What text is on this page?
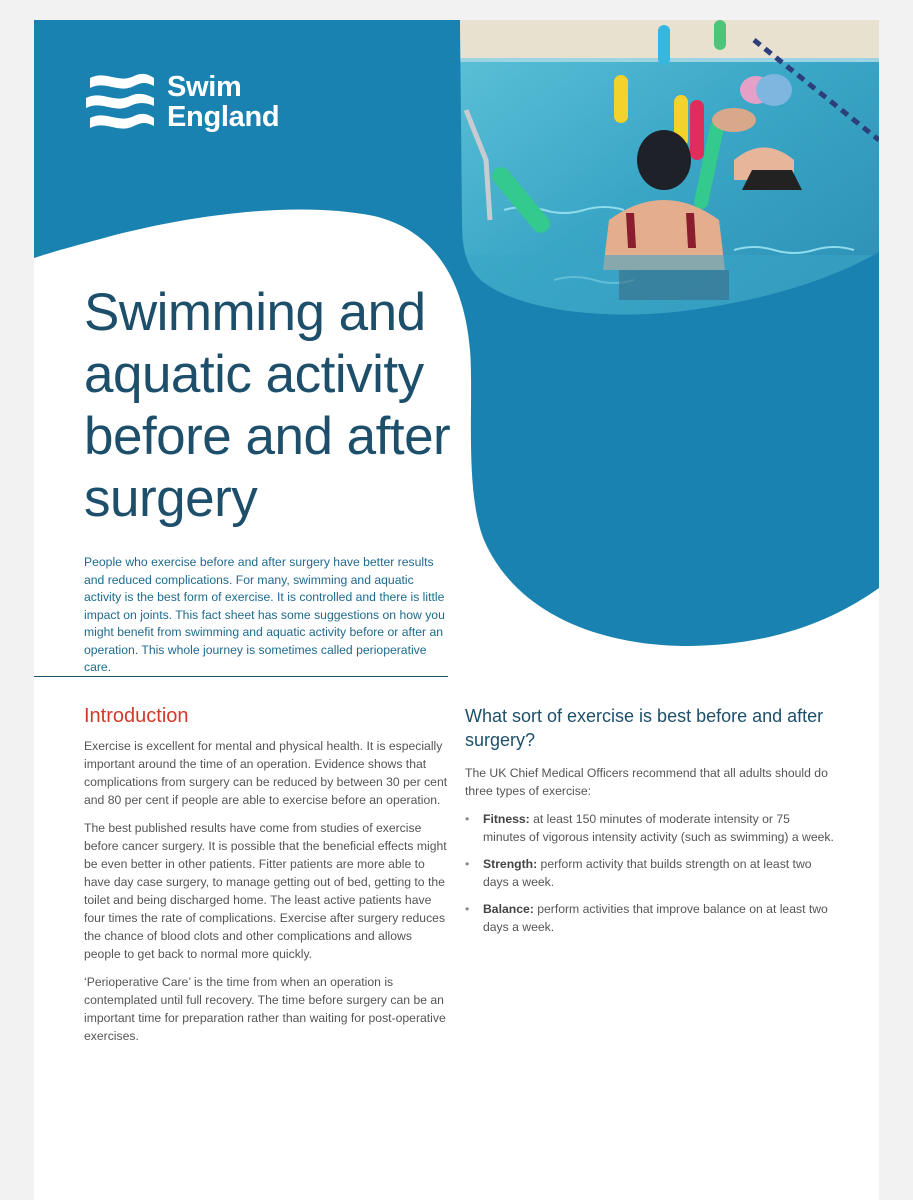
Swim
England
Swimming and aquatic activity before and after surgery

People who exercise before and after surgery have better results and reduced complications. For many, swimming and aquatic activity is the best form of exercise. It is controlled and there is little impact on joints. This fact sheet has some suggestions on how you might benefit from swimming and aquatic activity before or after an operation. This whole journey is sometimes called perioperative care.

Introduction

Exercise is excellent for mental and physical health. It is especially important around the time of an operation. Evidence shows that complications from surgery can be reduced by between 30 per cent and 80 per cent if people are able to exercise before an operation.

The best published results have come from studies of exercise before cancer surgery. It is possible that the beneficial effects might be even better in other patients. Fitter patients are more able to have day case surgery, to manage getting out of bed, getting to the toilet and being discharged home. The least active patients have four times the rate of complications. Exercise after surgery reduces the chance of blood clots and other complications and allows people to get back to normal more quickly.

‘Perioperative Care’ is the time from when an operation is contemplated until full recovery. The time before surgery can be an important time for preparation rather than waiting for post-operative exercises.

What sort of exercise is best before and after surgery?

The UK Chief Medical Officers recommend that all adults should do three types of exercise:

• Fitness: at least 150 minutes of moderate intensity or 75 minutes of vigorous intensity activity (such as swimming) a week.
• Strength: perform activity that builds strength on at least two days a week.
• Balance: perform activities that improve balance on at least two days a week.
